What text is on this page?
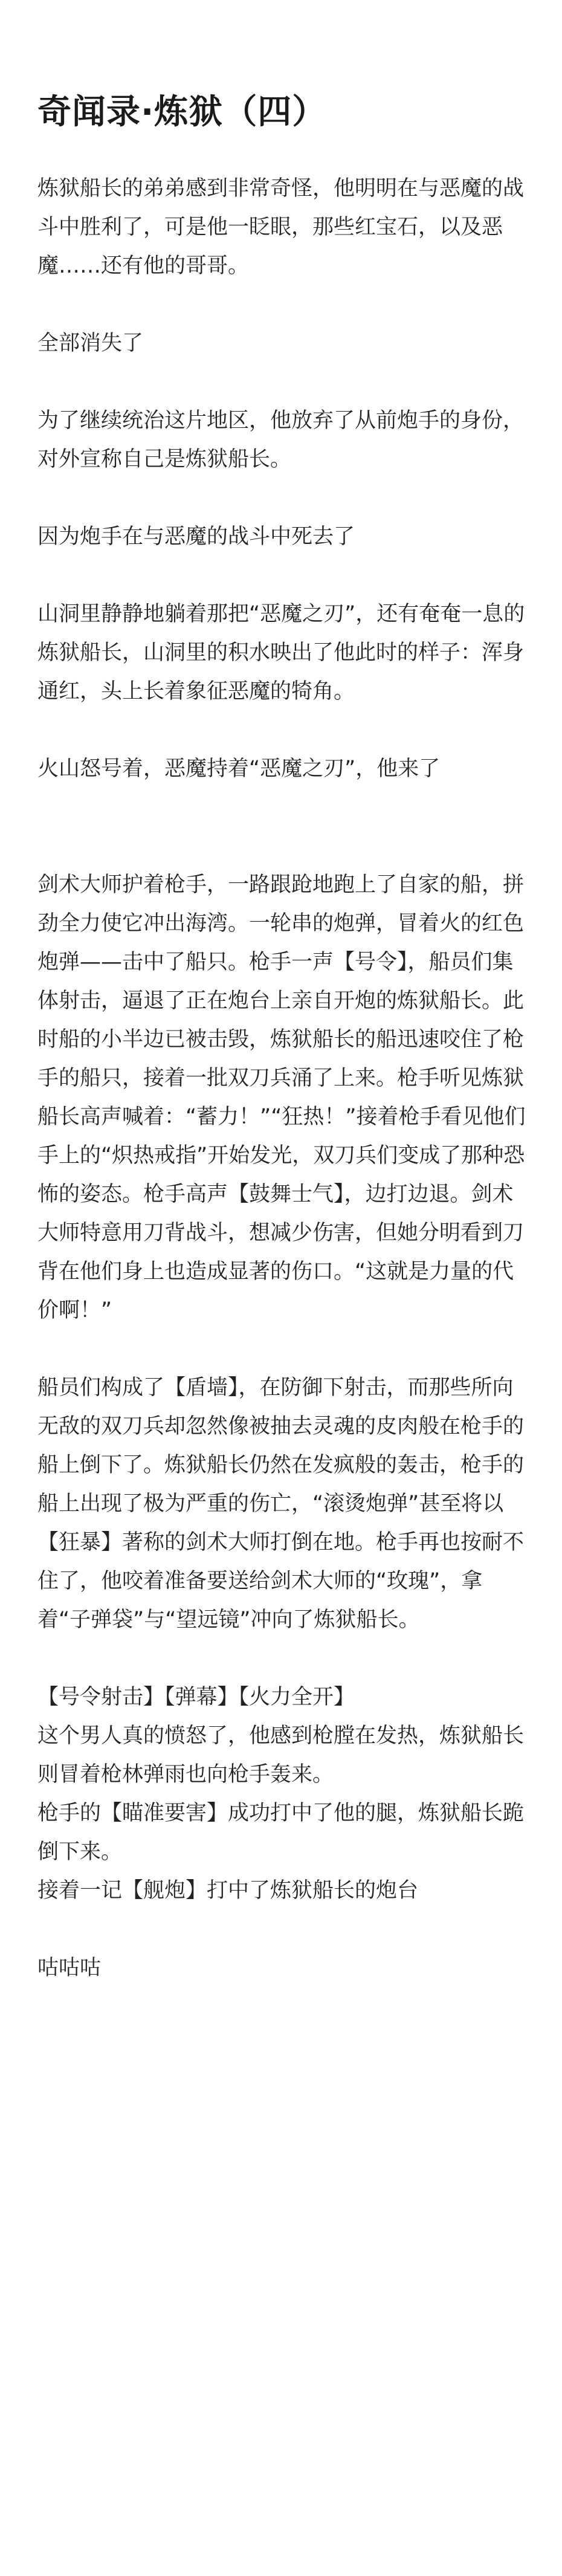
奇闻录·炼狱（四）

炼狱船长的弟弟感到非常奇怪，他明明在与恶魔的战斗中胜利了，可是他一眨眼，那些红宝石，以及恶魔……还有他的哥哥。

全部消失了

为了继续统治这片地区，他放弃了从前炮手的身份，对外宣称自己是炼狱船长。

因为炮手在与恶魔的战斗中死去了

山洞里静静地躺着那把“恶魔之刃”，还有奄奄一息的炼狱船长，山洞里的积水映出了他此时的样子：浑身通红，头上长着象征恶魔的犄角。

火山怒号着，恶魔持着“恶魔之刃”，他来了

剑术大师护着枪手，一路跟跄地跑上了自家的船，拼劲全力使它冲出海湾。一轮串的炮弹，冒着火的红色炮弹——击中了船只。枪手一声【号令】，船员们集体射击，逼退了正在炮台上亲自开炮的炼狱船长。此时船的小半边已被击毁，炼狱船长的船迅速咬住了枪手的船只，接着一批双刀兵涌了上来。枪手听见炼狱船长高声喊着：“蓄力！”“狂热！”接着枪手看见他们手上的“炽热戒指”开始发光，双刀兵们变成了那种恐怖的姿态。枪手高声【鼓舞士气】，边打边退。剑术大师特意用刀背战斗，想减少伤害，但她分明看到刀背在他们身上也造成显著的伤口。“这就是力量的代价啊！”

船员们构成了【盾墙】，在防御下射击，而那些所向无敌的双刀兵却忽然像被抽去灵魂的皮肉般在枪手的船上倒下了。炼狱船长仍然在发疯般的轰击，枪手的船上出现了极为严重的伤亡，“滚烫炮弹”甚至将以【狂暴】著称的剑术大师打倒在地。枪手再也按耐不住了，他咬着准备要送给剑术大师的“玫瑰”，拿着“子弹袋”与“望远镜”冲向了炼狱船长。

【号令射击】【弹幕】【火力全开】

这个男人真的愤怒了，他感到枪膛在发热，炼狱船长则冒着枪林弹雨也向枪手轰来。

枪手的【瞄准要害】成功打中了他的腿，炼狱船长跪倒下来。

接着一记【舰炮】打中了炼狱船长的炮台

咕咕咕
